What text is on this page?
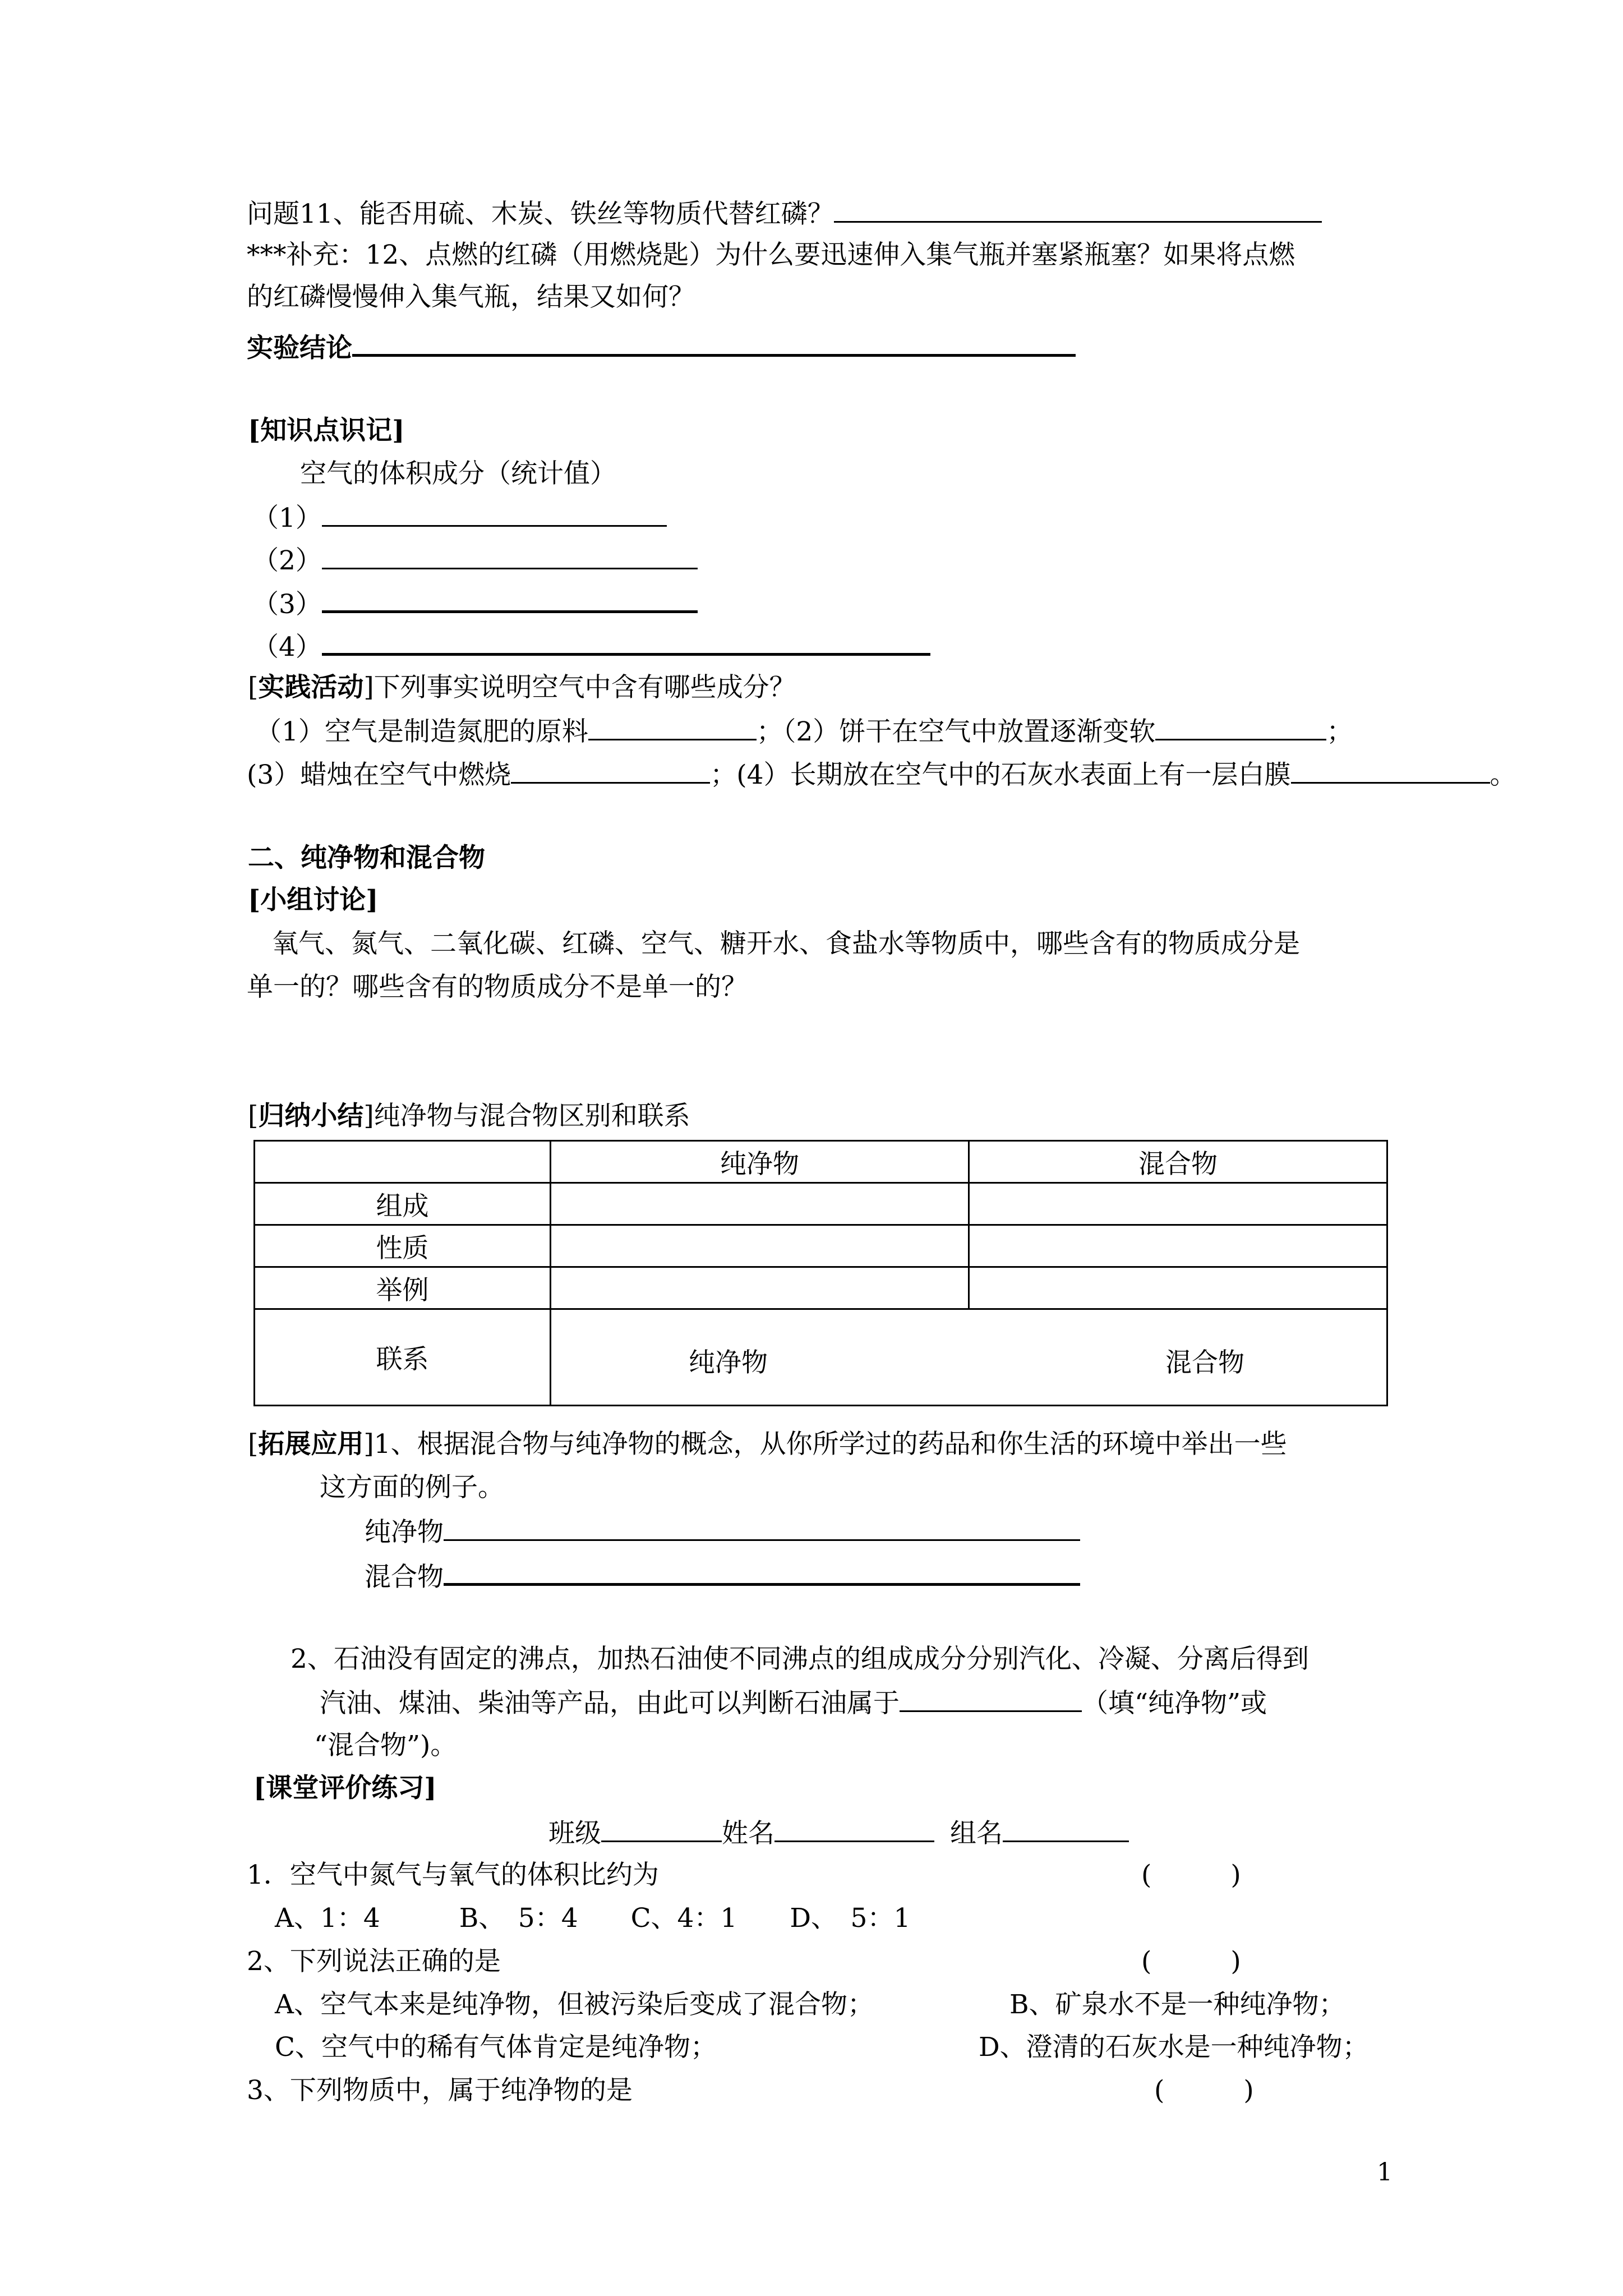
问题11、能否用硫、木炭、铁丝等物质代替红磷？
***补充：12、点燃的红磷（用燃烧匙）为什么要迅速伸入集气瓶并塞紧瓶塞？如果将点燃
的红磷慢慢伸入集气瓶，结果又如何？
实验结论
[知识点识记]
空气的体积成分（统计值）
（1）
（2）
（3）
（4）
[实践活动]下列事实说明空气中含有哪些成分？
（1）空气是制造氮肥的原料	；（2）饼干在空气中放置逐渐变软	；
(3）蜡烛在空气中燃烧	；(4）长期放在空气中的石灰水表面上有一层白膜	。
二、纯净物和混合物
[小组讨论]
氧气、氮气、二氧化碳、红磷、空气、糖开水、食盐水等物质中，哪些含有的物质成分是
单一的？哪些含有的物质成分不是单一的？
[归纳小结]纯净物与混合物区别和联系
	纯净物	混合物
组成		
性质		
举例		
联系	纯净物 混合物	
[拓展应用]1、根据混合物与纯净物的概念，从你所学过的药品和你生活的环境中举出一些
这方面的例子。
纯净物
混合物
2、石油没有固定的沸点，加热石油使不同沸点的组成成分分别汽化、冷凝、分离后得到
汽油、煤油、柴油等产品，由此可以判断石油属于	（填“纯净物”或
“混合物”)。
[课堂评价练习]
班级	姓名	组名
1．空气中氮气与氧气的体积比约为	(　　　)
A、1：4　　　B、　5：4　　C、4：1　　D、　5：1
2、下列说法正确的是	(　　　)
A、空气本来是纯净物，但被污染后变成了混合物；	B、矿泉水不是一种纯净物；
C、空气中的稀有气体肯定是纯净物；	D、澄清的石灰水是一种纯净物；
3、下列物质中，属于纯净物的是	(　　　)
1
